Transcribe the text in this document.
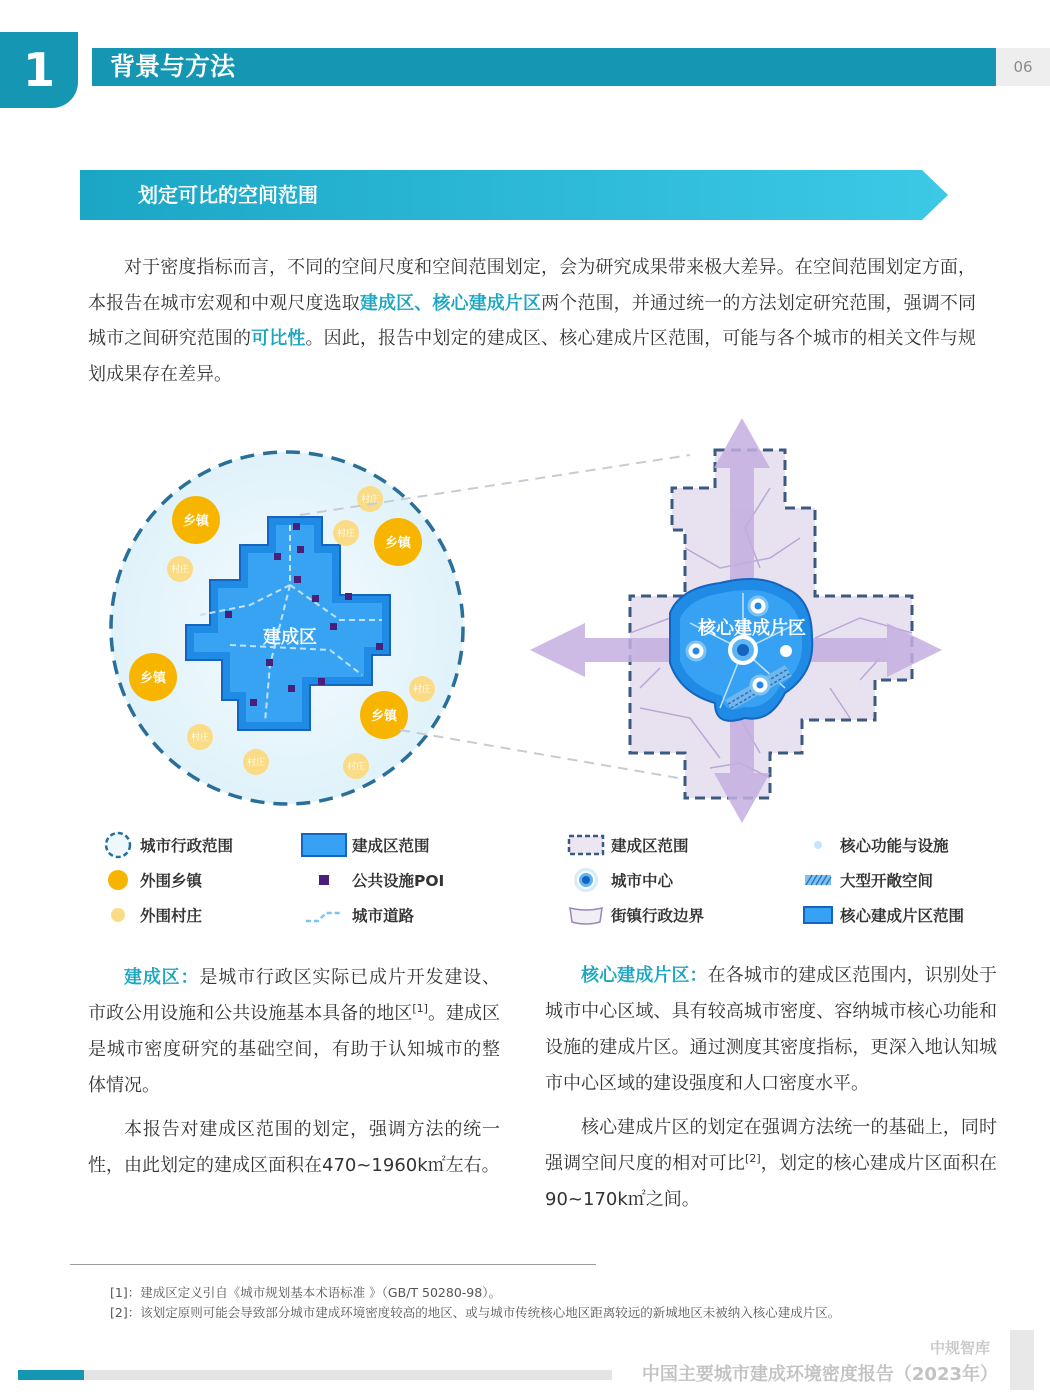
1	背景与方法	06
划定可比的空间范围

对于密度指标而言，不同的空间尺度和空间范围划定，会为研究成果带来极大差异。在空间范围划定方面，本报告在城市宏观和中观尺度选取建成区、核心建成片区两个范围，并通过统一的方法划定研究范围，强调不同城市之间研究范围的可比性。因此，报告中划定的建成区、核心建成片区范围，可能与各个城市的相关文件与规划成果存在差异。

建成区
乡镇
乡镇
乡镇
乡镇
村庄
村庄
村庄
村庄
村庄
村庄	村庄
核心建成片区
城市行政范围
外围乡镇
外围村庄
建成区范围
公共设施POI
城市道路
建成区范围
城市中心
街镇行政边界
核心功能与设施
大型开敞空间
核心建成片区范围

建成区：是城市行政区实际已成片开发建设、市政公用设施和公共设施基本具备的地区[1]。建成区是城市密度研究的基础空间，有助于认知城市的整体情况。

本报告对建成区范围的划定，强调方法的统一性，由此划定的建成区面积在470~1960k㎡左右。

核心建成片区：在各城市的建成区范围内，识别处于城市中心区域、具有较高城市密度、容纳城市核心功能和设施的建成片区。通过测度其密度指标，更深入地认知城市中心区域的建设强度和人口密度水平。

核心建成片区的划定在强调方法统一的基础上，同时强调空间尺度的相对可比[2]，划定的核心建成片区面积在90~170k㎡之间。

[1]：建成区定义引自《城市规划基本术语标准 》（GB/T 50280-98）。
[2]：该划定原则可能会导致部分城市建成环境密度较高的地区、或与城市传统核心地区距离较远的新城地区未被纳入核心建成片区。
中规智库
中国主要城市建成环境密度报告（2023年）
